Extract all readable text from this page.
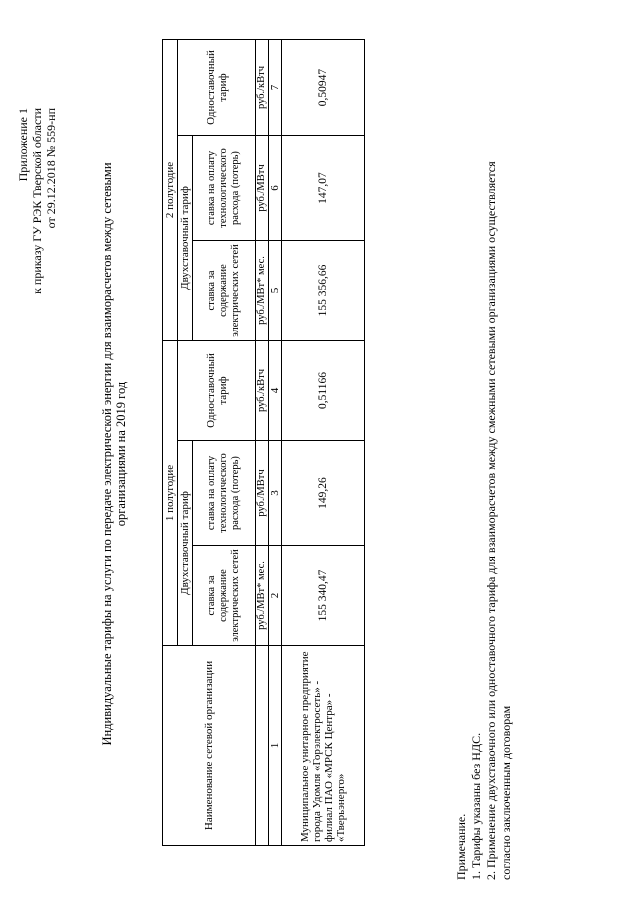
Приложение 1 к приказу ГУ РЭК Тверской области от 29.12.2018 № 559-нп	Индивидуальные тарифы на услуги по передаче электрической энергии для взаиморасчетов между сетевыми организациями на 2019 год
Наименование сетевой организации	1 полугодие			2 полугодие		
	Двухставочный тариф		Одноставочный тариф	Двухставочный тариф		Одноставочный тариф
	ставка за содержание электрических сетей	ставка на оплату технологического расхода (потерь)		ставка за содержание электрических сетей	ставка на оплату технологического расхода (потерь)	
	руб./МВт* мес.	руб./МВтч	руб./кВтч	руб./МВт* мес.	руб./МВтч	руб./кВтч
1	2	3	4	5	6	7
Муниципальное унитарное предприятие города Удомля «Горэлектросеть» - филиал ПАО «МРСК Центра» - «Тверьэнерго»	155 340,47	149,26	0,51166	155 356,66	147,07	0,50947
Примечание. 1. Тарифы указаны без НДС. 2. Применение двухставочного или одноставочного тарифа для взаиморасчетов между смежными сетевыми организациями осуществляется согласно заключенным договорам
